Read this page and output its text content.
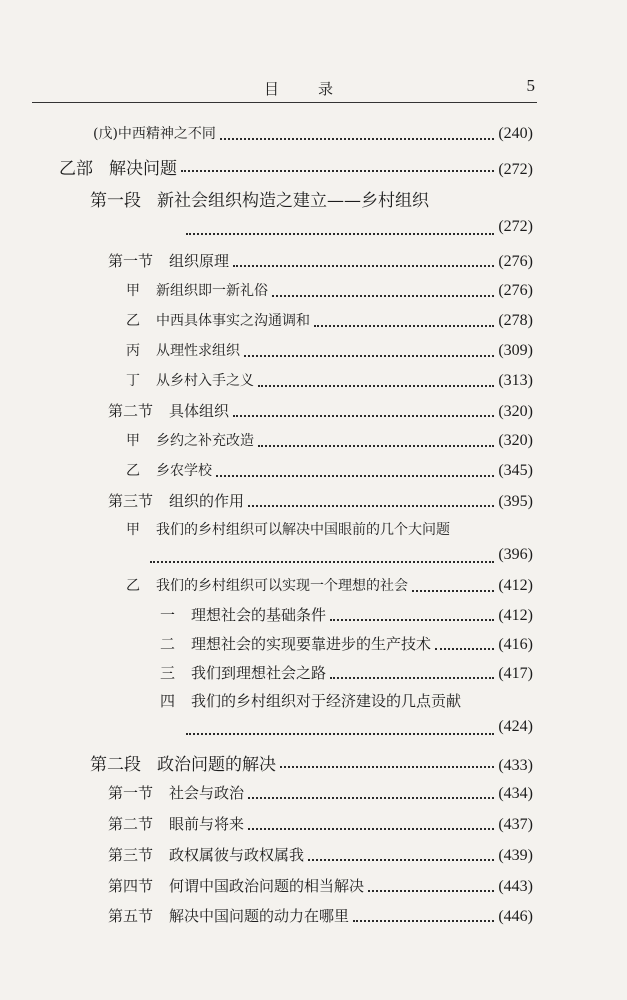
目　录	5
(戊)中西精神之不同	(240)
乙部 解决问题	(272)
第一段 新社会组织构造之建立——乡村组织
(272)
第一节 组织原理	(276)
甲 新组织即一新礼俗	(276)
乙 中西具体事实之沟通调和	(278)
丙 从理性求组织	(309)
丁 从乡村入手之义	(313)
第二节 具体组织	(320)
甲 乡约之补充改造	(320)
乙 乡农学校	(345)
第三节 组织的作用	(395)
甲 我们的乡村组织可以解决中国眼前的几个大问题
(396)
乙 我们的乡村组织可以实现一个理想的社会	(412)
一 理想社会的基础条件	(412)
二 理想社会的实现要靠进步的生产技术	(416)
三 我们到理想社会之路	(417)
四 我们的乡村组织对于经济建设的几点贡献
(424)
第二段 政治问题的解决	(433)
第一节 社会与政治	(434)
第二节 眼前与将来	(437)
第三节 政权属彼与政权属我	(439)
第四节 何谓中国政治问题的相当解决	(443)
第五节 解决中国问题的动力在哪里	(446)
